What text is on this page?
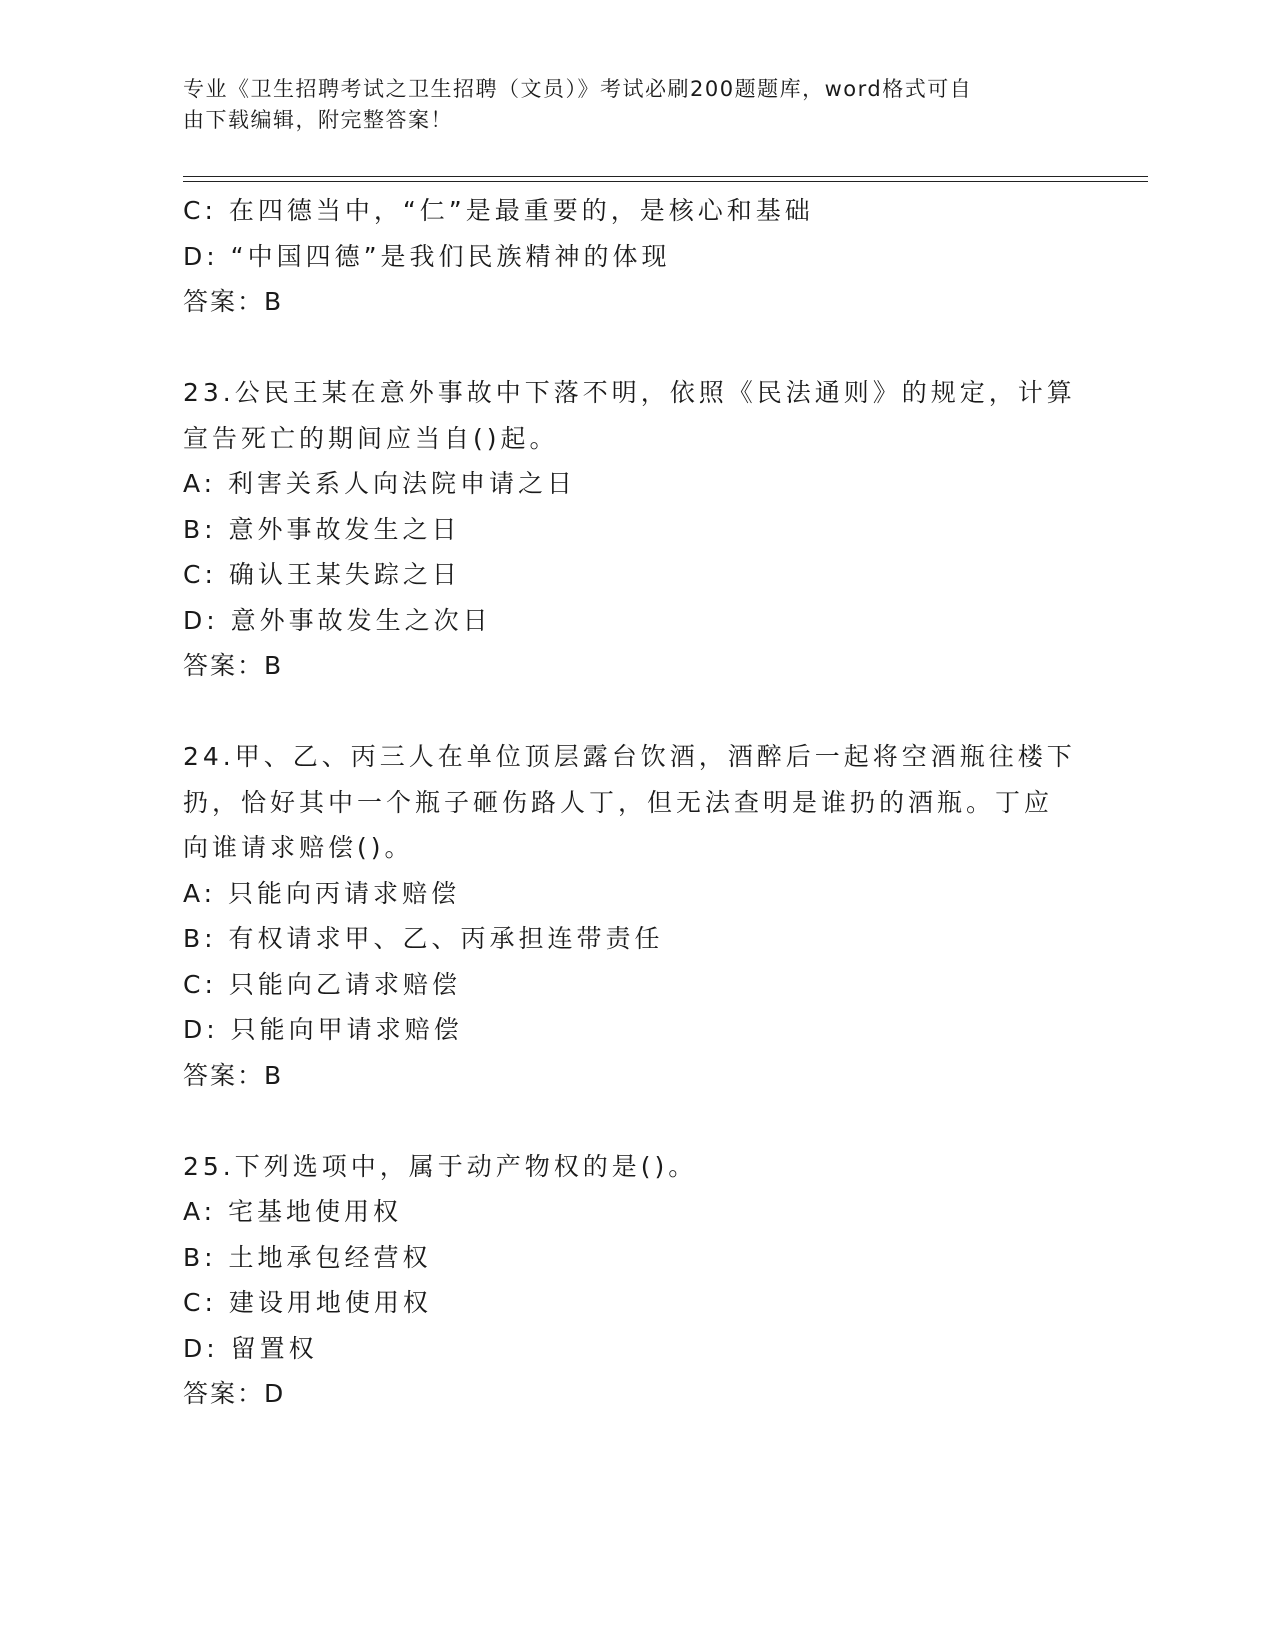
专业《卫生招聘考试之卫生招聘（文员）》考试必刷200题题库，word格式可自
由下载编辑，附完整答案！
C: 在四德当中，“仁”是最重要的，是核心和基础
D: “中国四德”是我们民族精神的体现
答案：B
23.公民王某在意外事故中下落不明，依照《民法通则》的规定，计算
宣告死亡的期间应当自()起。
A: 利害关系人向法院申请之日
B: 意外事故发生之日
C: 确认王某失踪之日
D: 意外事故发生之次日
答案：B
24.甲、乙、丙三人在单位顶层露台饮酒，酒醉后一起将空酒瓶往楼下
扔，恰好其中一个瓶子砸伤路人丁，但无法查明是谁扔的酒瓶。丁应
向谁请求赔偿()。
A: 只能向丙请求赔偿
B: 有权请求甲、乙、丙承担连带责任
C: 只能向乙请求赔偿
D: 只能向甲请求赔偿
答案：B
25.下列选项中，属于动产物权的是()。
A: 宅基地使用权
B: 土地承包经营权
C: 建设用地使用权
D: 留置权
答案：D
